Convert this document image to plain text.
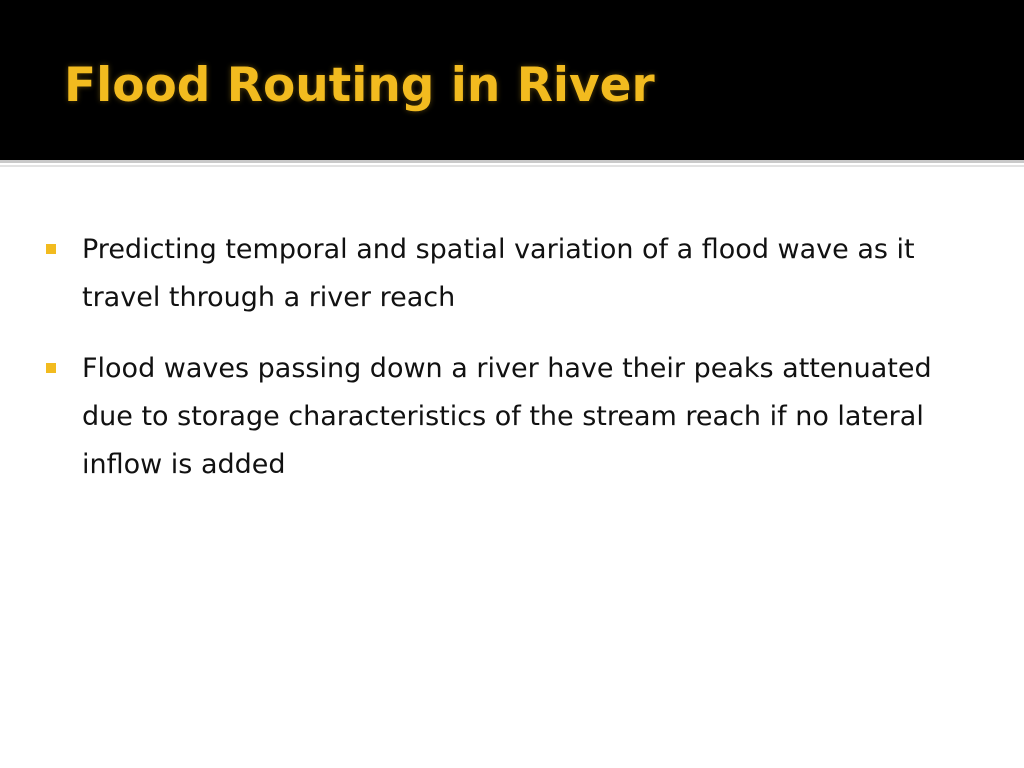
Flood Routing in River
Predicting temporal and spatial variation of a flood wave as it travel through a river reach
Flood waves passing down a river have their peaks attenuated due to storage characteristics of the stream reach if no lateral inflow is added
